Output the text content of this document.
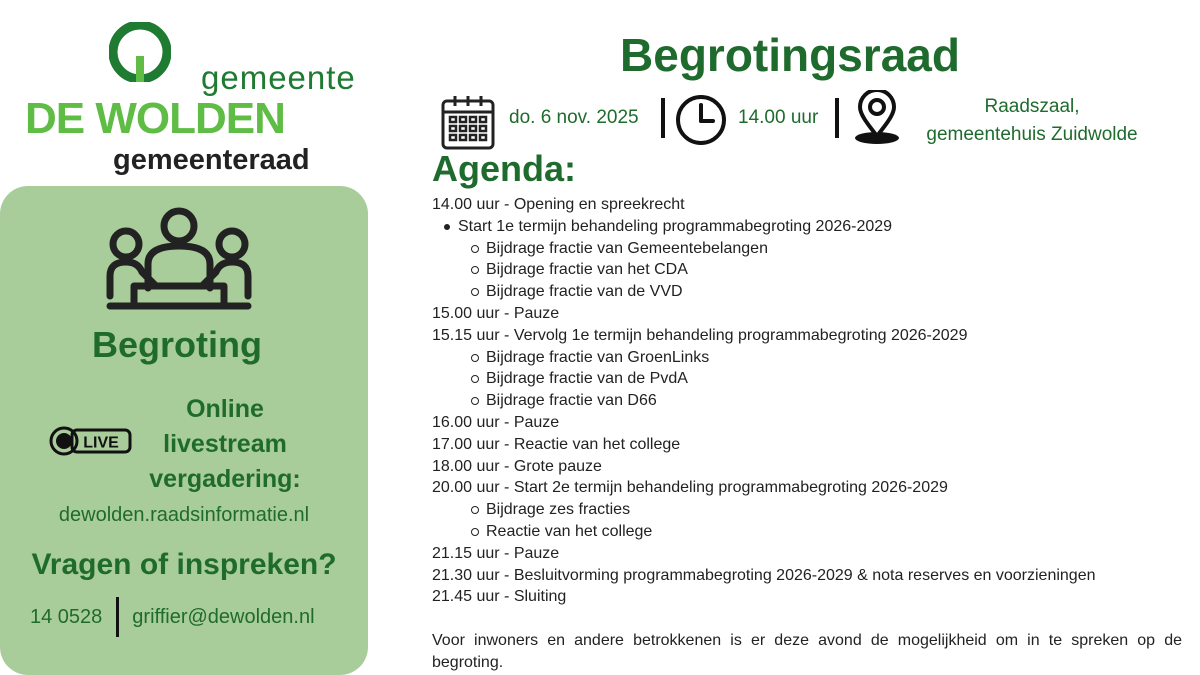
gemeente
DE WOLDEN
gemeenteraad
Begroting
LIVE
Online
livestream
vergadering:
dewolden.raadsinformatie.nl
Vragen of inspreken?
14 0528 griffier@dewolden.nl
Begrotingsraad
do. 6 nov. 2025	14.00 uur
Raadszaal,
gemeentehuis Zuidwolde
Agenda:
14.00 uur - Opening en spreekrecht
Start 1e termijn behandeling programmabegroting 2026-2029
Bijdrage fractie van Gemeentebelangen
Bijdrage fractie van het CDA
Bijdrage fractie van de VVD
15.00 uur - Pauze
15.15 uur - Vervolg 1e termijn behandeling programmabegroting 2026-2029
Bijdrage fractie van GroenLinks
Bijdrage fractie van de PvdA
Bijdrage fractie van D66
16.00 uur - Pauze
17.00 uur - Reactie van het college
18.00 uur - Grote pauze
20.00 uur - Start 2e termijn behandeling programmabegroting 2026-2029
Bijdrage zes fracties
Reactie van het college
21.15 uur - Pauze
21.30 uur - Besluitvorming programmabegroting 2026-2029 & nota reserves en voorzieningen
21.45 uur - Sluiting
Voor inwoners en andere betrokkenen is er deze avond de mogelijkheid om in te spreken op de begroting.
